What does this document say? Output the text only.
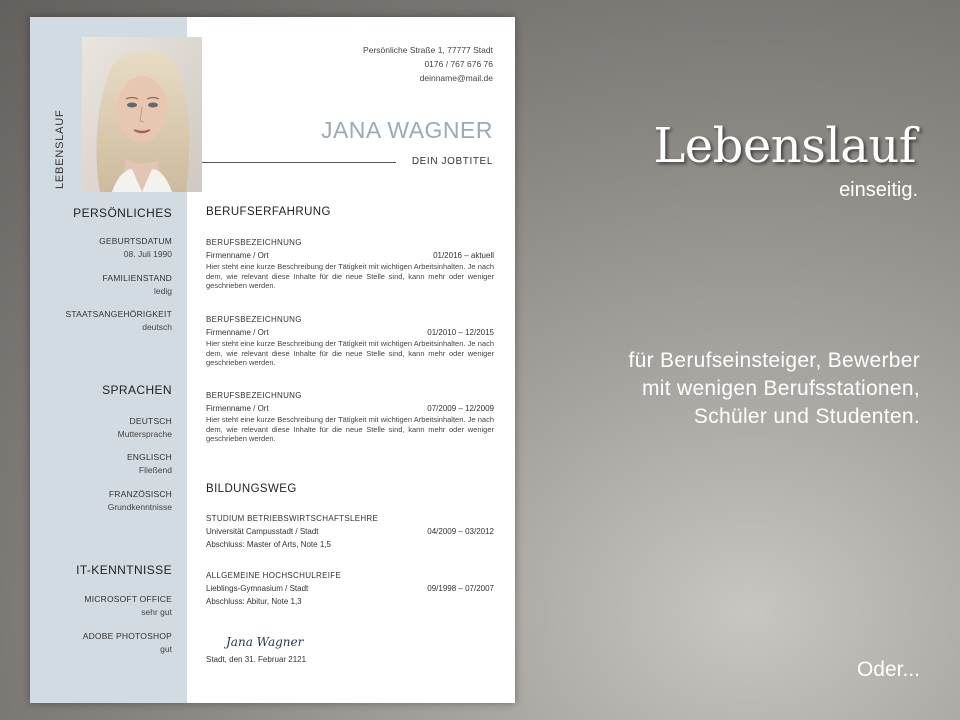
LEBENSLAUF
Persönliche Straße 1, 77777 Stadt
0176 / 767 676 76
deinname@mail.de
JANA WAGNER
DEIN JOBTITEL
PERSÖNLICHES
GEBURTSDATUM
08. Juli 1990
FAMILIENSTAND
ledig
STAATSANGEHÖRIGKEIT
deutsch
SPRACHEN
DEUTSCH
Muttersprache
ENGLISCH
Fließend
FRANZÖSISCH
Grundkenntnisse
IT-KENNTNISSE
MICROSOFT OFFICE
sehr gut
ADOBE PHOTOSHOP
gut
BERUFSERFAHRUNG
BERUFSBEZEICHNUNG
Firmenname / Ort	01/2016 – aktuell
Hier steht eine kurze Beschreibung der Tätigkeit mit wichtigen Arbeitsinhalten. Je nach dem, wie relevant diese Inhalte für die neue Stelle sind, kann mehr oder weniger geschrieben werden.
BERUFSBEZEICHNUNG
Firmenname / Ort	01/2010 – 12/2015
Hier steht eine kurze Beschreibung der Tätigkeit mit wichtigen Arbeitsinhalten. Je nach dem, wie relevant diese Inhalte für die neue Stelle sind, kann mehr oder weniger geschrieben werden.
BERUFSBEZEICHNUNG
Firmenname / Ort	07/2009 – 12/2009
Hier steht eine kurze Beschreibung der Tätigkeit mit wichtigen Arbeitsinhalten. Je nach dem, wie relevant diese Inhalte für die neue Stelle sind, kann mehr oder weniger geschrieben werden.
BILDUNGSWEG
STUDIUM BETRIEBSWIRTSCHAFTSLEHRE
Universität Campusstadt / Stadt	04/2009 – 03/2012
Abschluss: Master of Arts, Note 1,5
ALLGEMEINE HOCHSCHULREIFE
Lieblings-Gymnasium / Stadt	09/1998 – 07/2007
Abschluss: Abitur, Note 1,3
Jana Wagner
Stadt, den 31. Februar 2121
Lebenslauf
einseitig.
für Berufseinsteiger, Bewerber
mit wenigen Berufsstationen,
Schüler und Studenten.
Oder...
